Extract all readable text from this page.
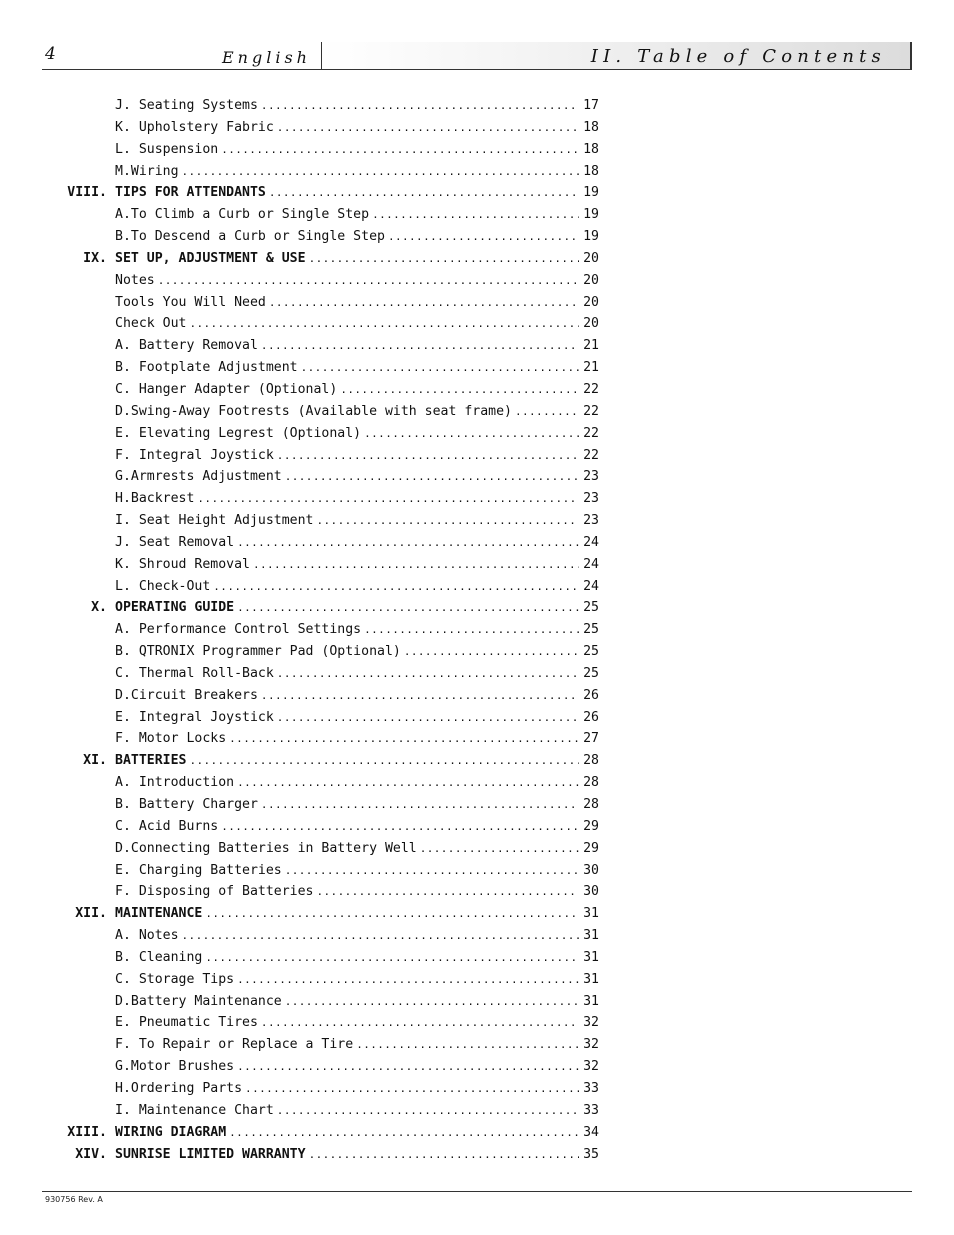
4	English	II. Table of Contents
J. Seating Systems .....	17
K. Upholstery Fabric .....	18
L. Suspension .....	18
M.Wiring .....	18
VIII. TIPS FOR ATTENDANTS .....	19
A.To Climb a Curb or Single Step .....	19
B.To Descend a Curb or Single Step .....	19
IX. SET UP, ADJUSTMENT & USE .....	20
Notes .....	20
Tools You Will Need .....	20
Check Out .....	20
A. Battery Removal .....	21
B. Footplate Adjustment .....	21
C. Hanger Adapter (Optional) .....	22
D.Swing-Away Footrests (Available with seat frame) .....	22
E. Elevating Legrest (Optional) .....	22
F. Integral Joystick .....	22
G.Armrests Adjustment .....	23
H.Backrest .....	23
I. Seat Height Adjustment .....	23
J. Seat Removal .....	24
K. Shroud Removal .....	24
L. Check-Out .....	24
X. OPERATING GUIDE .....	25
A. Performance Control Settings .....	25
B. QTRONIX Programmer Pad (Optional) .....	25
C. Thermal Roll-Back .....	25
D.Circuit Breakers .....	26
E. Integral Joystick .....	26
F. Motor Locks .....	27
XI. BATTERIES .....	28
A. Introduction .....	28
B. Battery Charger .....	28
C. Acid Burns .....	29
D.Connecting Batteries in Battery Well .....	29
E. Charging Batteries .....	30
F. Disposing of Batteries .....	30
XII. MAINTENANCE .....	31
A. Notes .....	31
B. Cleaning .....	31
C. Storage Tips .....	31
D.Battery Maintenance .....	31
E. Pneumatic Tires .....	32
F. To Repair or Replace a Tire .....	32
G.Motor Brushes .....	32
H.Ordering Parts .....	33
I. Maintenance Chart .....	33
XIII. WIRING DIAGRAM .....	34
XIV. SUNRISE LIMITED WARRANTY .....	35
930756 Rev. A
